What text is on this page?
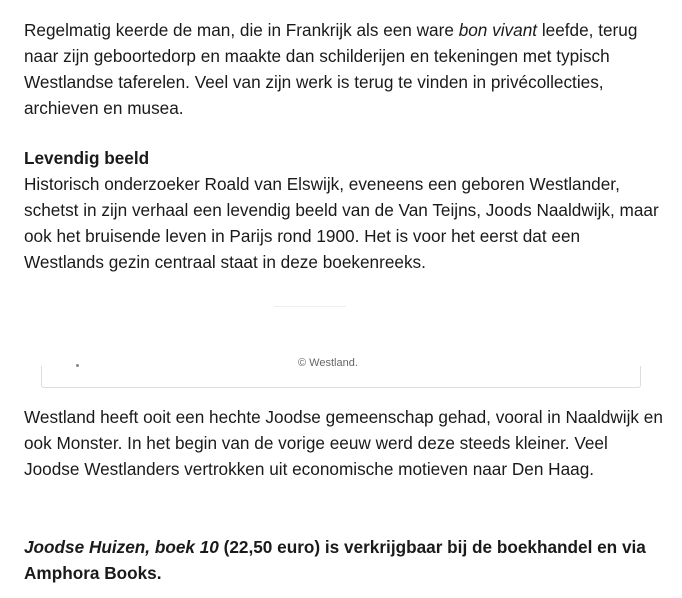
Regelmatig keerde de man, die in Frankrijk als een ware bon vivant leefde, terug naar zijn geboortedorp en maakte dan schilderijen en tekeningen met typisch Westlandse taferelen. Veel van zijn werk is terug te vinden in privécollecties, archieven en musea.

Levendig beeld

Historisch onderzoeker Roald van Elswijk, eveneens een geboren Westlander, schetst in zijn verhaal een levendig beeld van de Van Teijns, Joods Naaldwijk, maar ook het bruisende leven in Parijs rond 1900. Het is voor het eerst dat een Westlands gezin centraal staat in deze boekenreeks.

© Westland.

Westland heeft ooit een hechte Joodse gemeenschap gehad, vooral in Naaldwijk en ook Monster. In het begin van de vorige eeuw werd deze steeds kleiner. Veel Joodse Westlanders vertrokken uit economische motieven naar Den Haag.

Joodse Huizen, boek 10 (22,50 euro) is verkrijgbaar bij de boekhandel en via Amphora Books.
